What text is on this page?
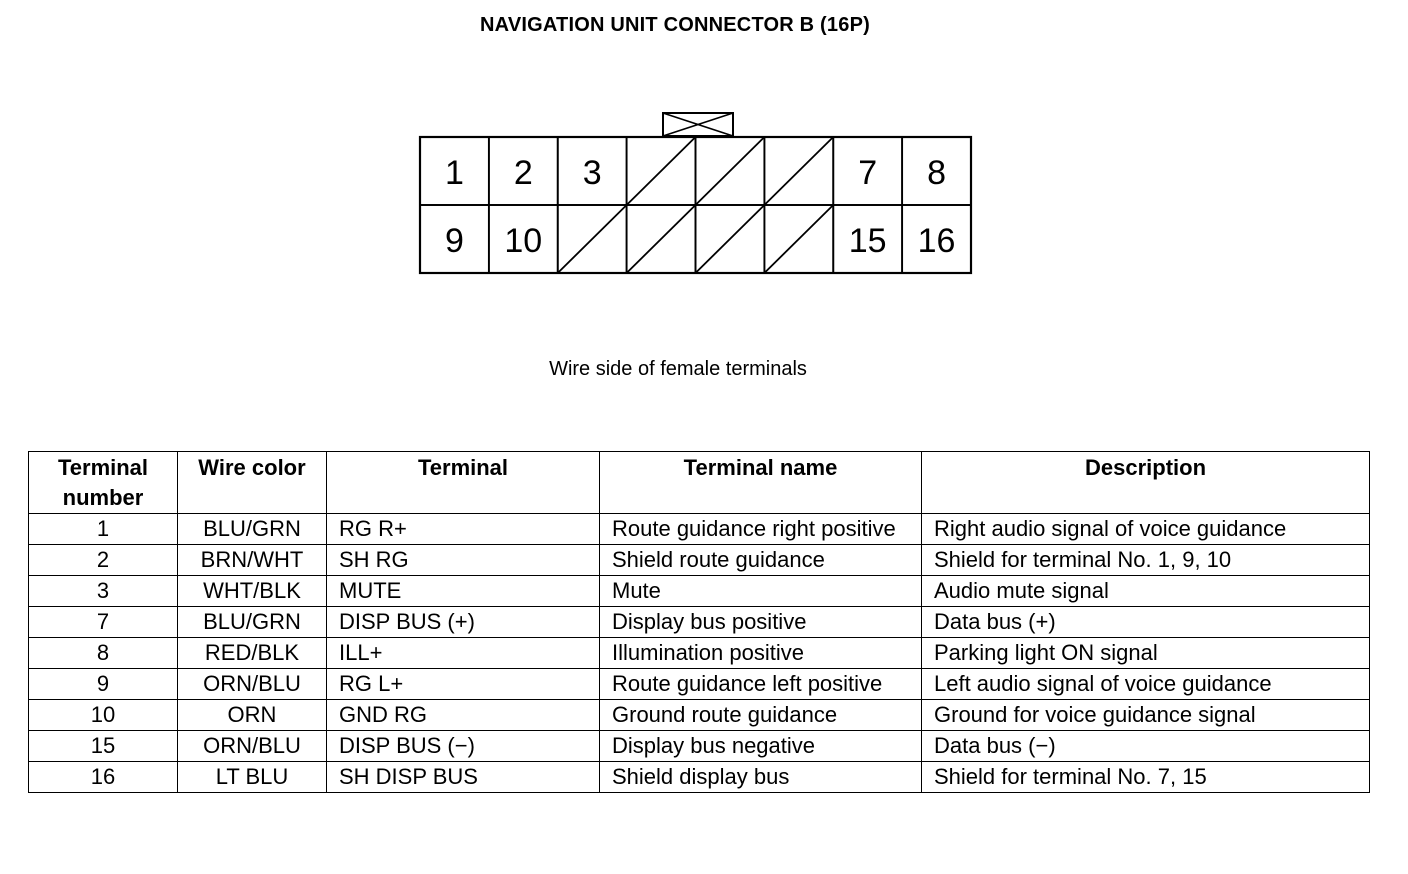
NAVIGATION UNIT CONNECTOR B (16P)
1 2 3	7 8
9 10	15 16
Wire side of female terminals
Terminal number	Wire color	Terminal	Terminal name	Description
1	BLU/GRN	RG R+	Route guidance right positive	Right audio signal of voice guidance
2	BRN/WHT	SH RG	Shield route guidance	Shield for terminal No. 1, 9, 10
3	WHT/BLK	MUTE	Mute	Audio mute signal
7	BLU/GRN	DISP BUS (+)	Display bus positive	Data bus (+)
8	RED/BLK	ILL+	Illumination positive	Parking light ON signal
9	ORN/BLU	RG L+	Route guidance left positive	Left audio signal of voice guidance
10	ORN	GND RG	Ground route guidance	Ground for voice guidance signal
15	ORN/BLU	DISP BUS (−)	Display bus negative	Data bus (−)
16	LT BLU	SH DISP BUS	Shield display bus	Shield for terminal No. 7, 15
